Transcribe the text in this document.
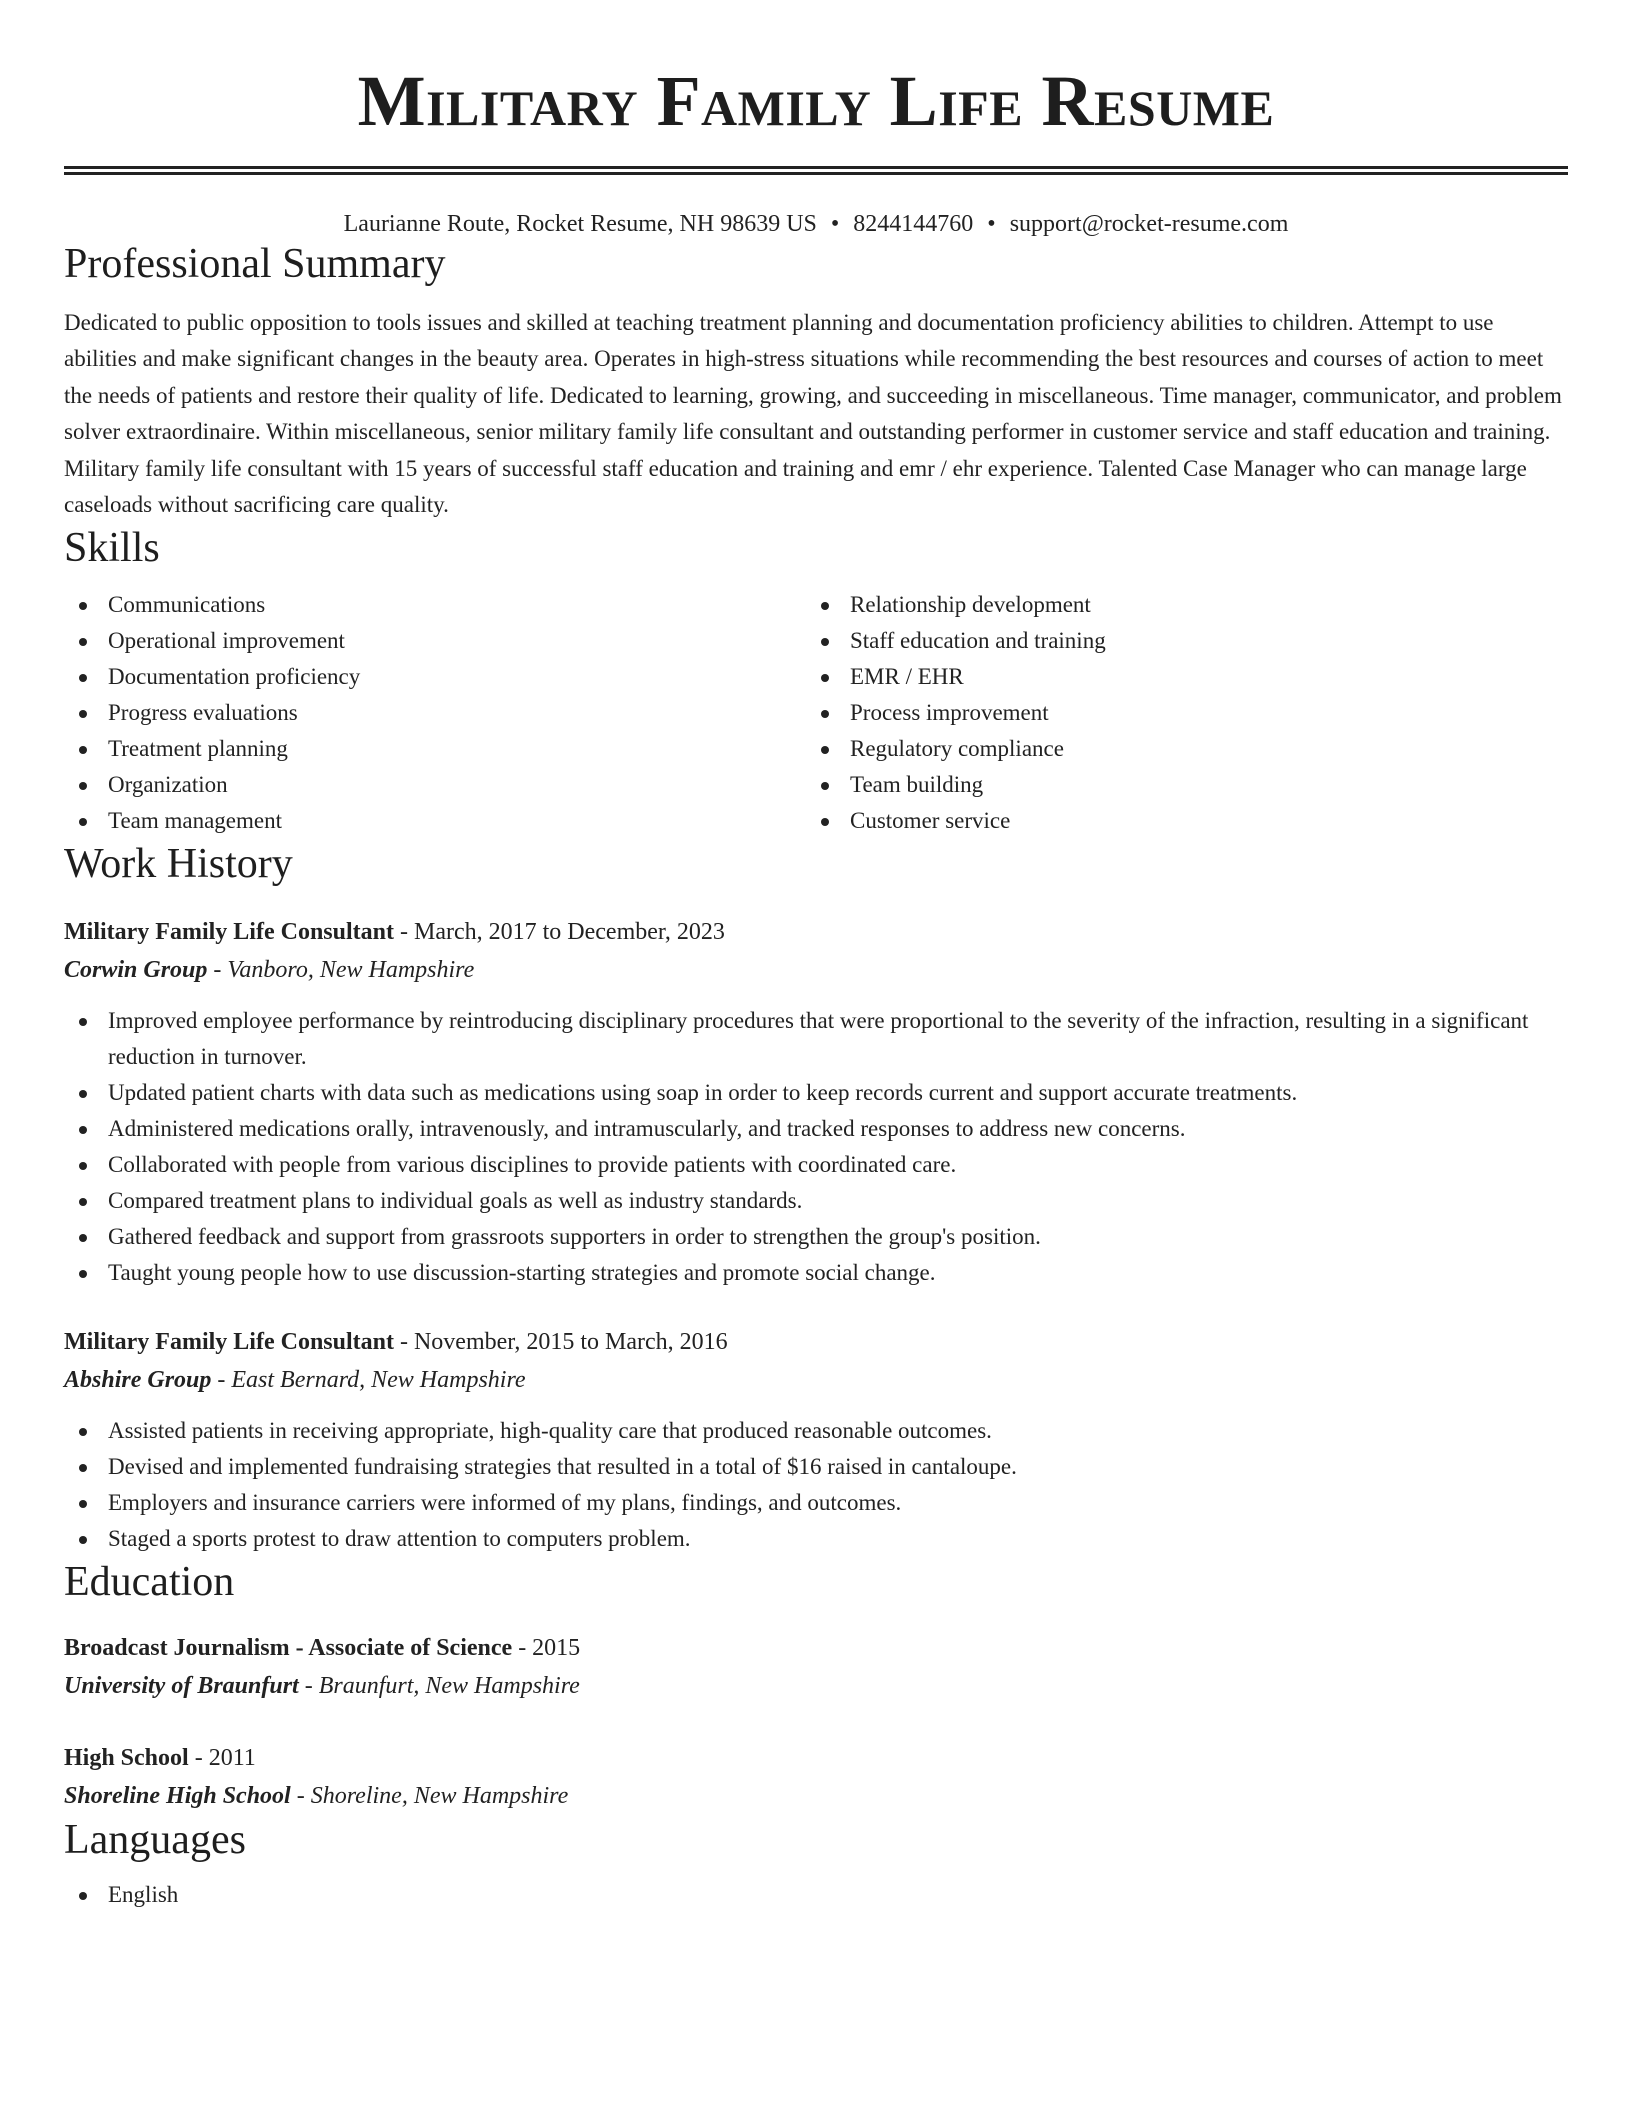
Military Family Life Resume
Laurianne Route, Rocket Resume, NH 98639 US • 8244144760 • support@rocket-resume.com
Professional Summary

Dedicated to public opposition to tools issues and skilled at teaching treatment planning and documentation proficiency abilities to children. Attempt to use abilities and make significant changes in the beauty area. Operates in high-stress situations while recommending the best resources and courses of action to meet the needs of patients and restore their quality of life. Dedicated to learning, growing, and succeeding in miscellaneous. Time manager, communicator, and problem solver extraordinaire. Within miscellaneous, senior military family life consultant and outstanding performer in customer service and staff education and training. Military family life consultant with 15 years of successful staff education and training and emr / ehr experience. Talented Case Manager who can manage large caseloads without sacrificing care quality.

Skills
Communications
Operational improvement
Documentation proficiency
Progress evaluations
Treatment planning
Organization
Team management
Relationship development
Staff education and training
EMR / EHR
Process improvement
Regulatory compliance
Team building
Customer service
Work History
Military Family Life Consultant - March, 2017 to December, 2023
Corwin Group - Vanboro, New Hampshire
Improved employee performance by reintroducing disciplinary procedures that were proportional to the severity of the infraction, resulting in a significant reduction in turnover.
Updated patient charts with data such as medications using soap in order to keep records current and support accurate treatments.
Administered medications orally, intravenously, and intramuscularly, and tracked responses to address new concerns.
Collaborated with people from various disciplines to provide patients with coordinated care.
Compared treatment plans to individual goals as well as industry standards.
Gathered feedback and support from grassroots supporters in order to strengthen the group's position.
Taught young people how to use discussion-starting strategies and promote social change.
Military Family Life Consultant - November, 2015 to March, 2016
Abshire Group - East Bernard, New Hampshire
Assisted patients in receiving appropriate, high-quality care that produced reasonable outcomes.
Devised and implemented fundraising strategies that resulted in a total of $16 raised in cantaloupe.
Employers and insurance carriers were informed of my plans, findings, and outcomes.
Staged a sports protest to draw attention to computers problem.
Education
Broadcast Journalism - Associate of Science - 2015
University of Braunfurt - Braunfurt, New Hampshire
High School - 2011
Shoreline High School - Shoreline, New Hampshire
Languages
English
